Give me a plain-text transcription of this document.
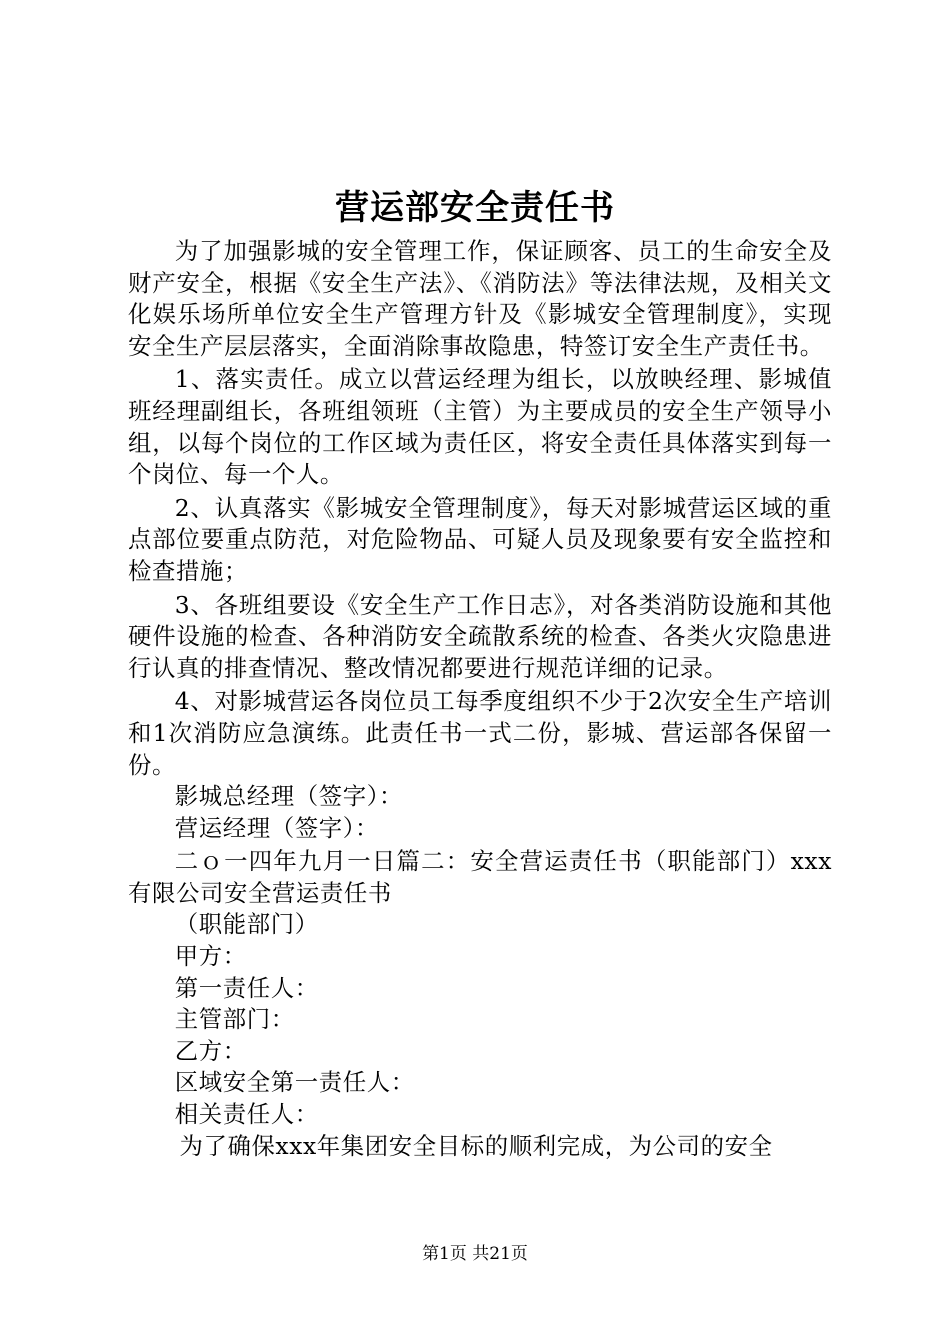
营运部安全责任书

为了加强影城的安全管理工作，保证顾客、员工的生命安全及财产安全，根据《安全生产法》、《消防法》等法律法规，及相关文化娱乐场所单位安全生产管理方针及《影城安全管理制度》，实现安全生产层层落实，全面消除事故隐患，特签订安全生产责任书。

1、落实责任。成立以营运经理为组长，以放映经理、影城值班经理副组长，各班组领班（主管）为主要成员的安全生产领导小组，以每个岗位的工作区域为责任区，将安全责任具体落实到每一个岗位、每一个人。

2、认真落实《影城安全管理制度》，每天对影城营运区域的重点部位要重点防范，对危险物品、可疑人员及现象要有安全监控和检查措施；

3、各班组要设《安全生产工作日志》，对各类消防设施和其他硬件设施的检查、各种消防安全疏散系统的检查、各类火灾隐患进行认真的排查情况、整改情况都要进行规范详细的记录。

4、对影城营运各岗位员工每季度组织不少于2次安全生产培训和1次消防应急演练。此责任书一式二份，影城、营运部各保留一份。

影城总经理（签字）：

营运经理（签字）：

二ｏ一四年九月一日篇二：安全营运责任书（职能部门）xxx有限公司安全营运责任书

（职能部门）

甲方：

第一责任人：

主管部门：

乙方：

区域安全第一责任人：

相关责任人：

为了确保xxx年集团安全目标的顺利完成，为公司的安全

第1页 共21页
